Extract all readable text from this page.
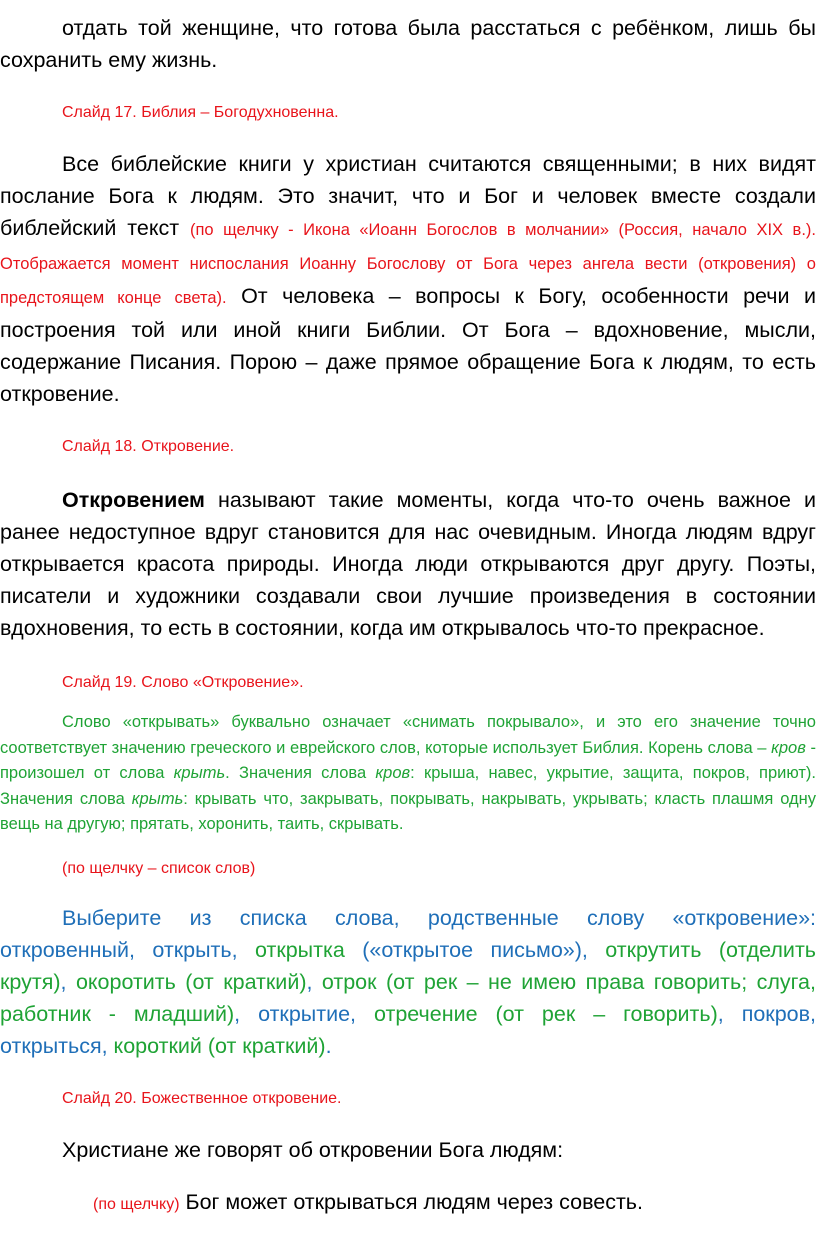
отдать той женщине, что готова была расстаться с ребёнком, лишь бы сохранить ему жизнь.

Слайд 17. Библия – Богодухновенна.

Все библейские книги у христиан считаются священными; в них видят послание Бога к людям. Это значит, что и Бог и человек вместе создали библейский текст (по щелчку - Икона «Иоанн Богослов в молчании» (Россия, начало XIX в.). Отображается момент ниспослания Иоанну Богослову от Бога через ангела вести (откровения) о предстоящем конце света). От человека – вопросы к Богу, особенности речи и построения той или иной книги Библии. От Бога – вдохновение, мысли, содержание Писания. Порою – даже прямое обращение Бога к людям, то есть откровение.

Слайд 18. Откровение.

Откровением называют такие моменты, когда что-то очень важное и ранее недоступное вдруг становится для нас очевидным. Иногда людям вдруг открывается красота природы. Иногда люди открываются друг другу. Поэты, писатели и художники создавали свои лучшие произведения в состоянии вдохновения, то есть в состоянии, когда им открывалось что-то прекрасное.

Слайд 19. Слово «Откровение».

Слово «открывать» буквально означает «снимать покрывало», и это его значение точно соответствует значению греческого и еврейского слов, которые использует Библия. Корень слова – кров - произошел от слова крыть. Значения слова кров: крыша, навес, укрытие, защита, покров, приют). Значения слова крыть: крывать что, закрывать, покрывать, накрывать, укрывать; класть плашмя одну вещь на другую; прятать, хоронить, таить, скрывать.

(по щелчку – список слов)

Выберите из списка слова, родственные слову «откровение»: откровенный, открыть, открытка («открытое письмо»), открутить (отделить крутя), окоротить (от краткий), отрок (от рек – не имею права говорить; слуга, работник - младший), открытие, отречение (от рек – говорить), покров, открыться, короткий (от краткий).

Слайд 20. Божественное откровение.

Христиане же говорят об откровении Бога людям:

(по щелчку) Бог может открываться людям через совесть.
